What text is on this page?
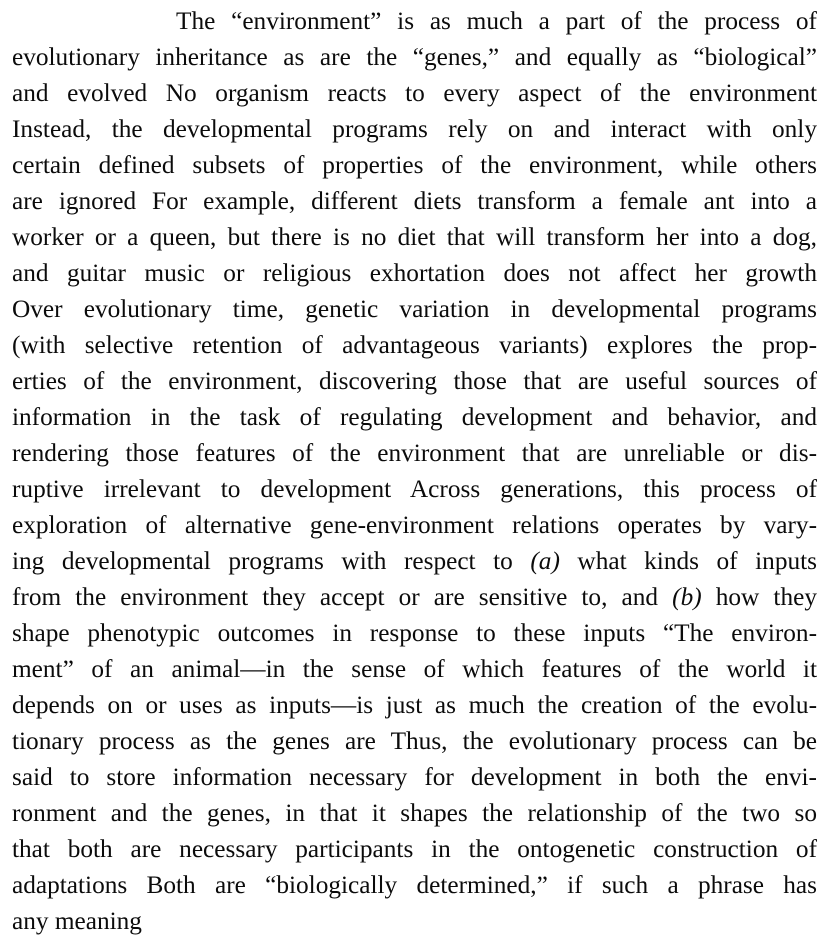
The “environment” is as much a part of the process of
evolutionary inheritance as are the “genes,” and equally as “biological”
and evolved No organism reacts to every aspect of the environment
Instead, the developmental programs rely on and interact with only
certain defined subsets of properties of the environment, while others
are ignored For example, different diets transform a female ant into a
worker or a queen, but there is no diet that will transform her into a dog,
and guitar music or religious exhortation does not affect her growth
Over evolutionary time, genetic variation in developmental programs
(with selective retention of advantageous variants) explores the prop-
erties of the environment, discovering those that are useful sources of
information in the task of regulating development and behavior, and
rendering those features of the environment that are unreliable or dis-
ruptive irrelevant to development Across generations, this process of
exploration of alternative gene-environment relations operates by vary-
ing developmental programs with respect to (a) what kinds of inputs
from the environment they accept or are sensitive to, and (b) how they
shape phenotypic outcomes in response to these inputs “The environ-
ment” of an animal—in the sense of which features of the world it
depends on or uses as inputs—is just as much the creation of the evolu-
tionary process as the genes are Thus, the evolutionary process can be
said to store information necessary for development in both the envi-
ronment and the genes, in that it shapes the relationship of the two so
that both are necessary participants in the ontogenetic construction of
adaptations Both are “biologically determined,” if such a phrase has
any meaning
